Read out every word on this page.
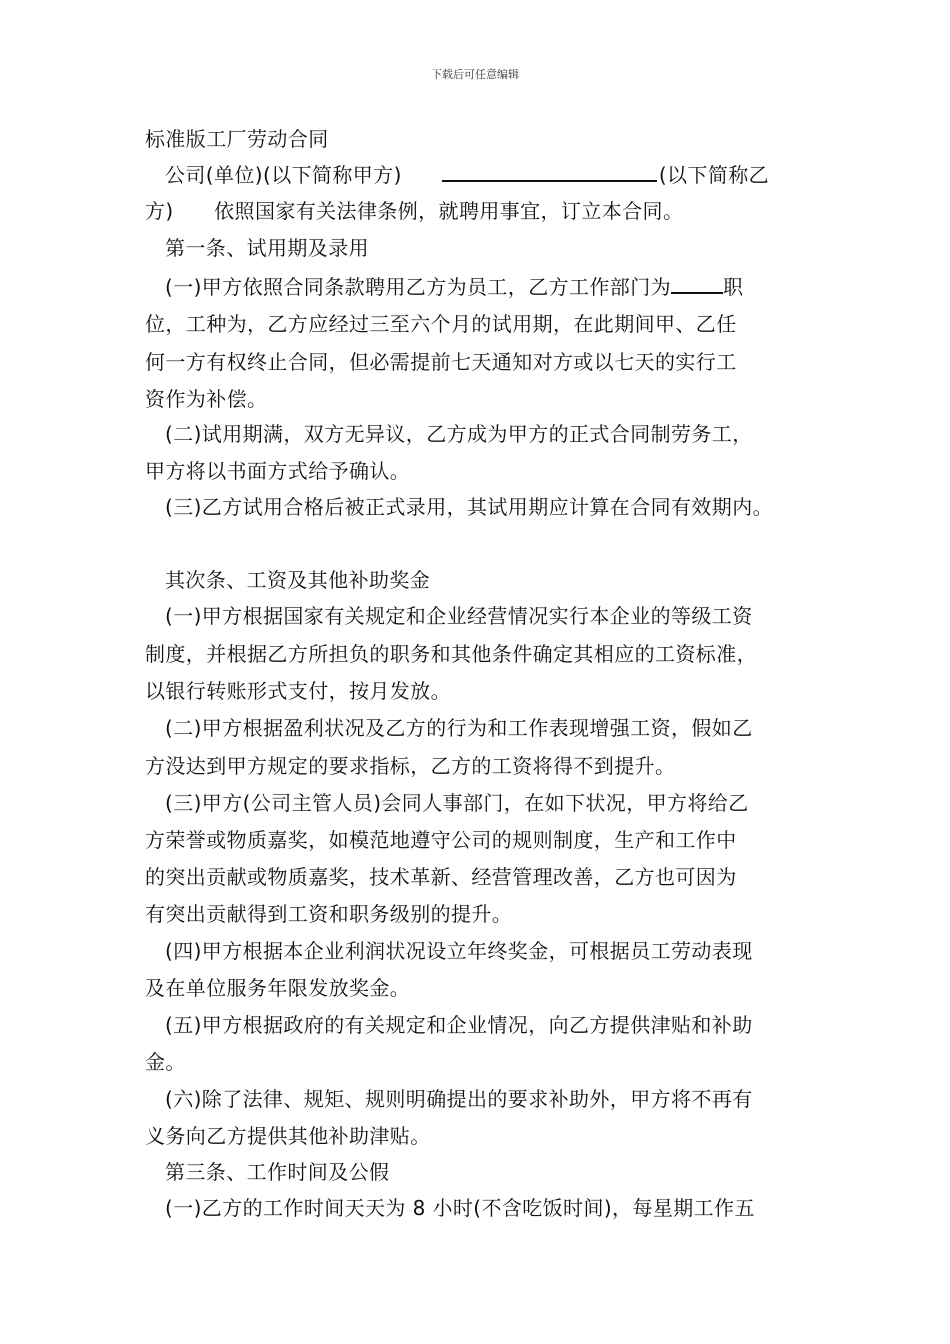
下载后可任意编辑
标准版工厂劳动合同
公司(单位)(以下简称甲方)	(以下简称乙
方)      依照国家有关法律条例，就聘用事宜，订立本合同。
第一条、试用期及录用
(一)甲方依照合同条款聘用乙方为员工，乙方工作部门为	职
位，工种为，乙方应经过三至六个月的试用期，在此期间甲、乙任
何一方有权终止合同，但必需提前七天通知对方或以七天的实行工
资作为补偿。
(二)试用期满，双方无异议，乙方成为甲方的正式合同制劳务工，
甲方将以书面方式给予确认。
(三)乙方试用合格后被正式录用，其试用期应计算在合同有效期内。
其次条、工资及其他补助奖金
(一)甲方根据国家有关规定和企业经营情况实行本企业的等级工资
制度，并根据乙方所担负的职务和其他条件确定其相应的工资标准，
以银行转账形式支付，按月发放。
(二)甲方根据盈利状况及乙方的行为和工作表现增强工资，假如乙
方没达到甲方规定的要求指标，乙方的工资将得不到提升。
(三)甲方(公司主管人员)会同人事部门，在如下状况，甲方将给乙
方荣誉或物质嘉奖，如模范地遵守公司的规则制度，生产和工作中
的突出贡献或物质嘉奖，技术革新、经营管理改善，乙方也可因为
有突出贡献得到工资和职务级别的提升。
(四)甲方根据本企业利润状况设立年终奖金，可根据员工劳动表现
及在单位服务年限发放奖金。
(五)甲方根据政府的有关规定和企业情况，向乙方提供津贴和补助
金。
(六)除了法律、规矩、规则明确提出的要求补助外，甲方将不再有
义务向乙方提供其他补助津贴。
第三条、工作时间及公假
(一)乙方的工作时间天天为 8 小时(不含吃饭时间)，每星期工作五
